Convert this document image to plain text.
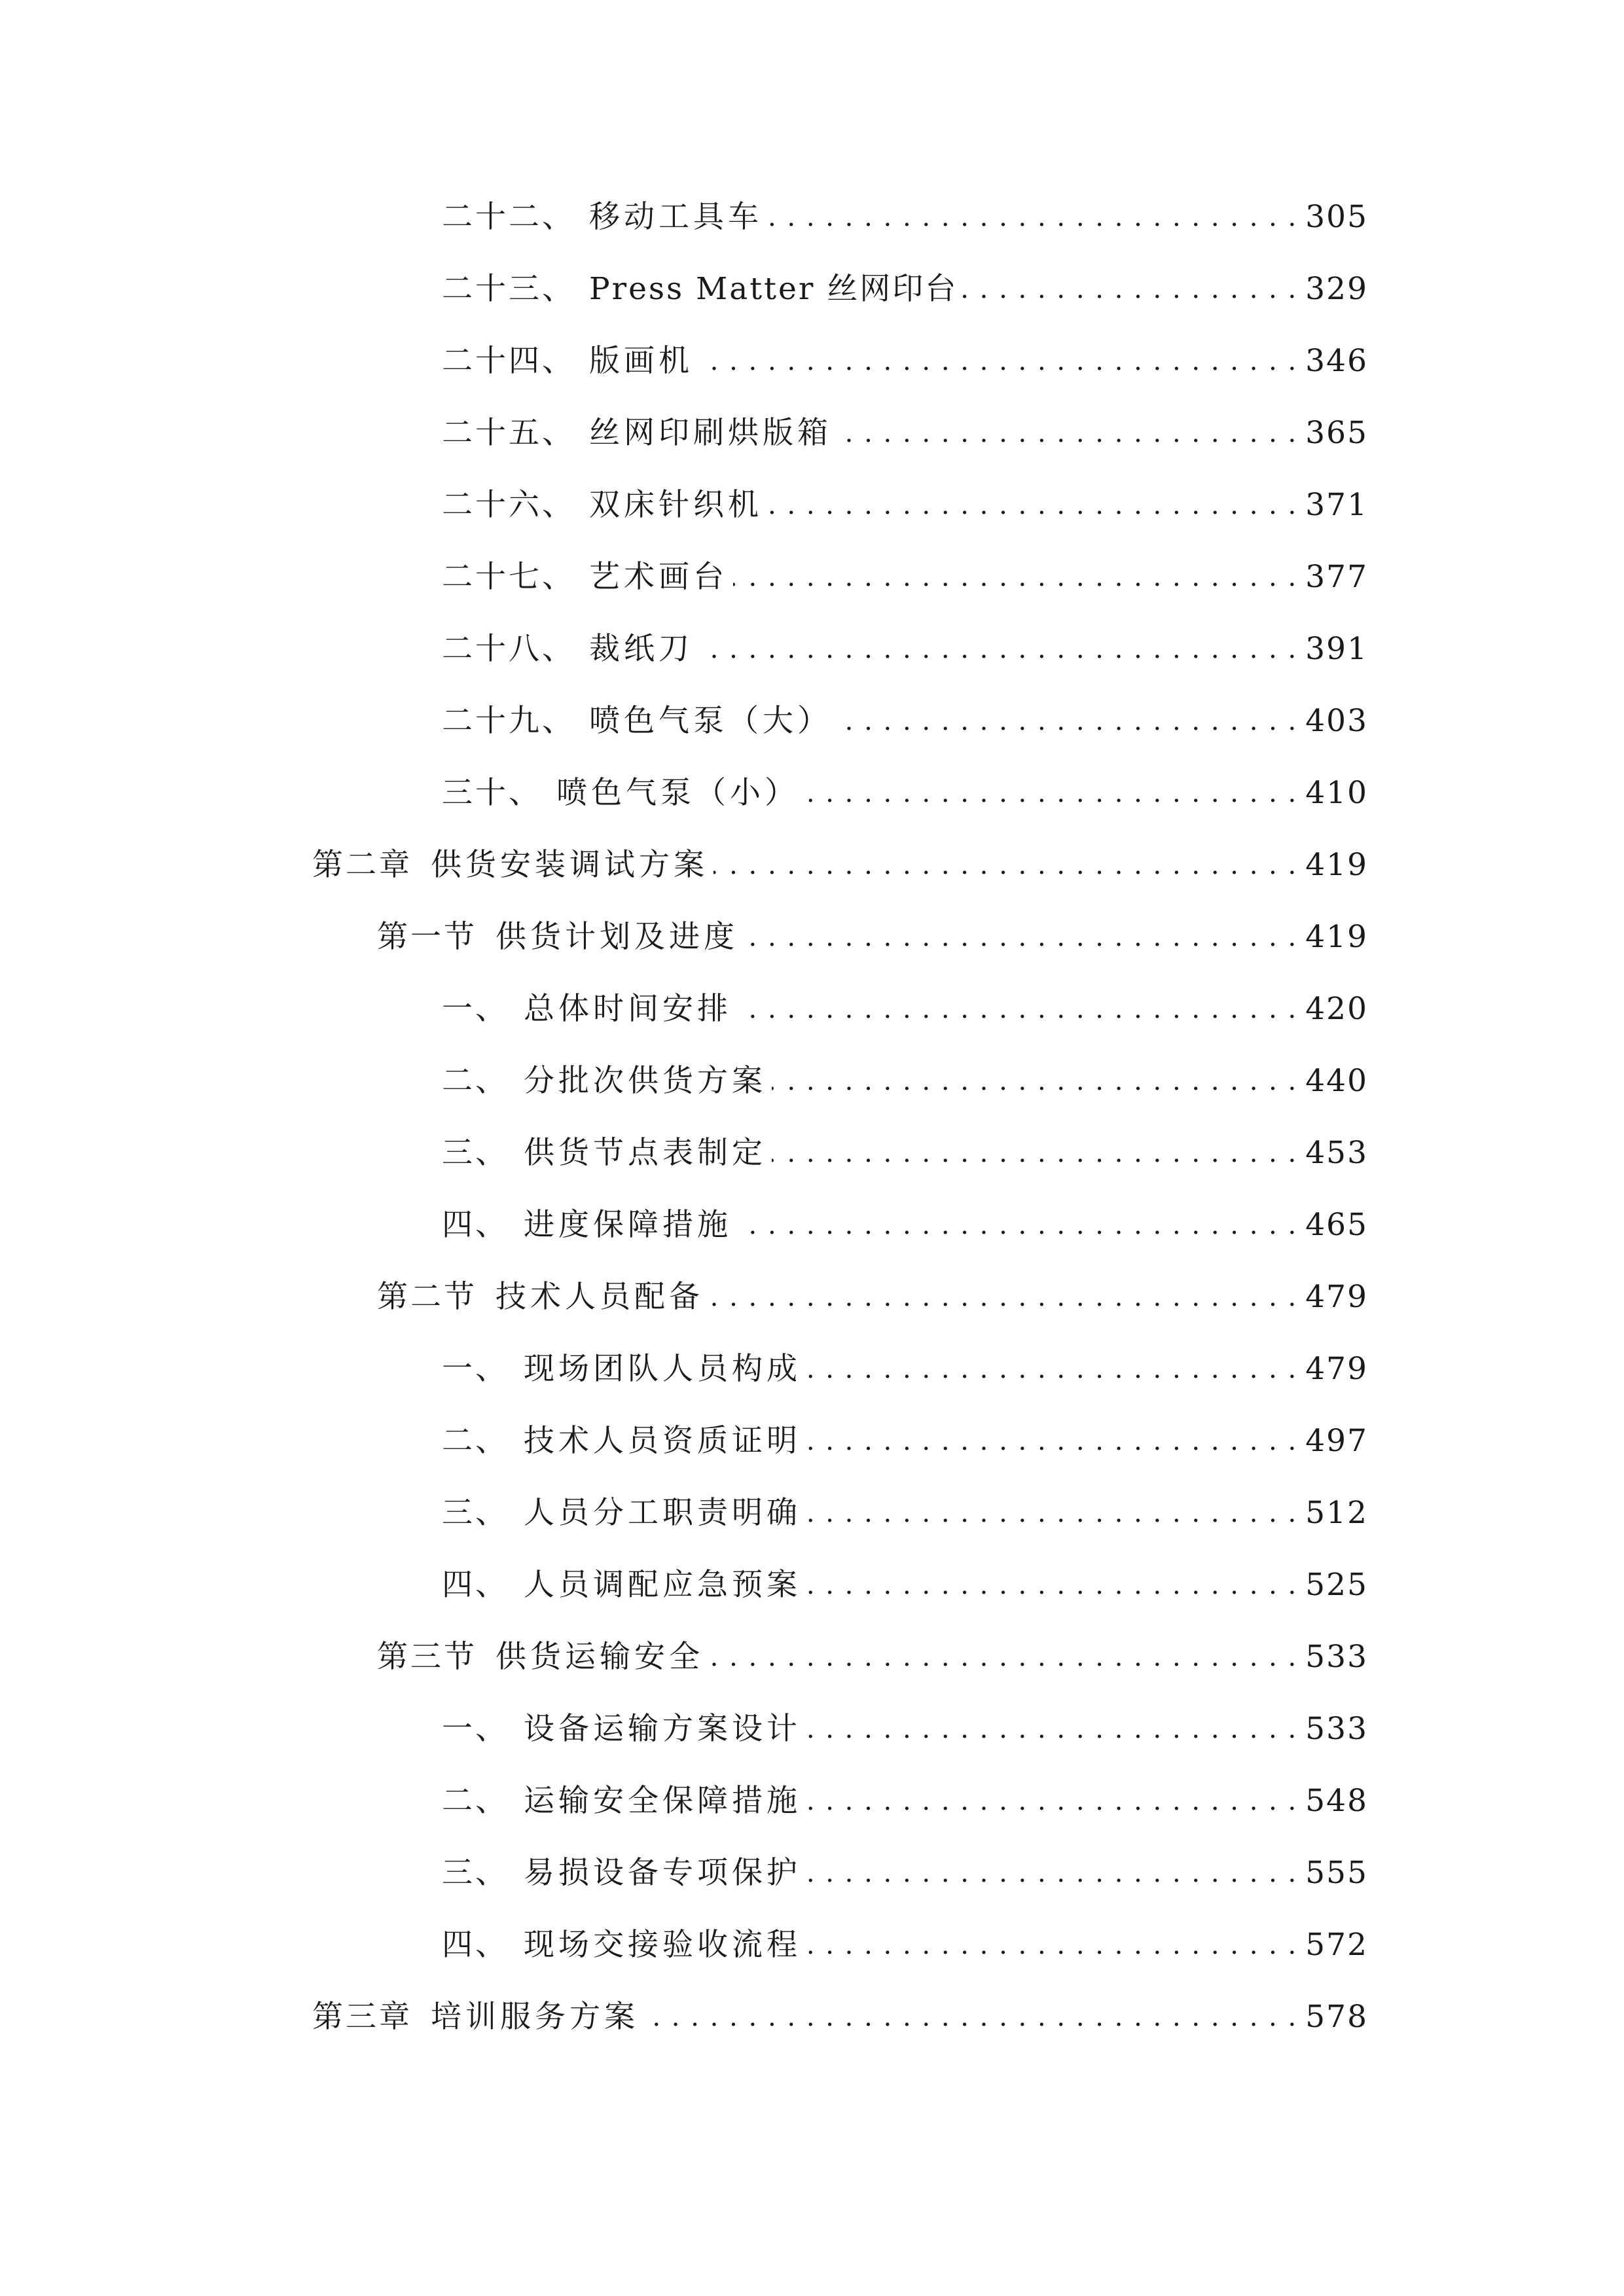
二十二、 移动工具车 . . .	305
二十三、 Press Matter 丝网印台 . . .	329
二十四、 版画机 . . .	346
二十五、 丝网印刷烘版箱 . . .	365
二十六、 双床针织机 . . .	371
二十七、 艺术画台 . . .	377
二十八、 裁纸刀 . . .	391
二十九、 喷色气泵（大） . . .	403
三十、 喷色气泵（小） . . .	410
第二章 供货安装调试方案 . . .	419
第一节 供货计划及进度 . . .	419
一、 总体时间安排 . . .	420
二、 分批次供货方案 . . .	440
三、 供货节点表制定 . . .	453
四、 进度保障措施 . . .	465
第二节 技术人员配备 . . .	479
一、 现场团队人员构成 . . .	479
二、 技术人员资质证明 . . .	497
三、 人员分工职责明确 . . .	512
四、 人员调配应急预案 . . .	525
第三节 供货运输安全 . . .	533
一、 设备运输方案设计 . . .	533
二、 运输安全保障措施 . . .	548
三、 易损设备专项保护 . . .	555
四、 现场交接验收流程 . . .	572
第三章 培训服务方案 . . .	578
